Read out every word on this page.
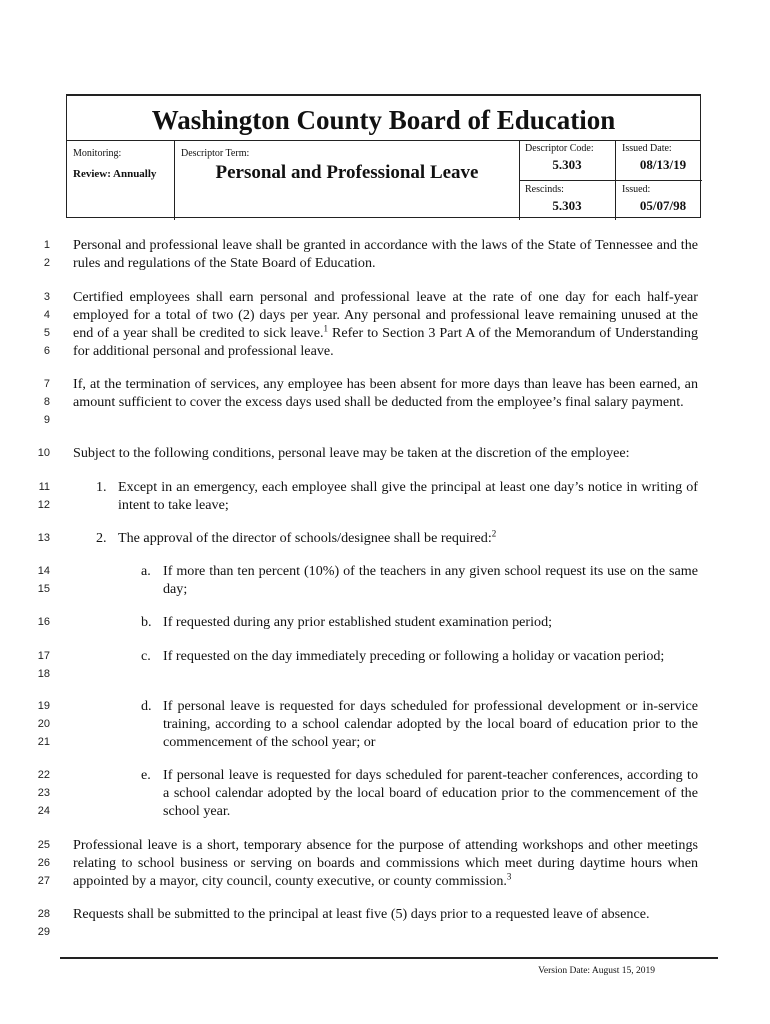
Washington County Board of Education
Monitoring:
Review: Annually
Descriptor Term:
Personal and Professional Leave
Descriptor Code:
5.303
Issued Date:
08/13/19
Rescinds:
5.303
Issued:
05/07/98
1
2
3
4
5
6
7
8
9
10
11
12
13
14
15
16
17
18
19
20
21
22
23
24
25
26
27
28
29

Personal and professional leave shall be granted in accordance with the laws of the State of Tennessee and the rules and regulations of the State Board of Education.

Certified employees shall earn personal and professional leave at the rate of one day for each half-year employed for a total of two (2) days per year. Any personal and professional leave remaining unused at the end of a year shall be credited to sick leave.$^1$ Refer to Section 3 Part A of the Memorandum of Understanding for additional personal and professional leave.

If, at the termination of services, any employee has been absent for more days than leave has been earned, an amount sufficient to cover the excess days used shall be deducted from the employee’s final salary payment.

Subject to the following conditions, personal leave may be taken at the discretion of the employee:

1. Except in an emergency, each employee shall give the principal at least one day’s notice in writing of intent to take leave;

2. The approval of the director of schools/designee shall be required:$^2$

a. If more than ten percent (10%) of the teachers in any given school request its use on the same day;

b. If requested during any prior established student examination period;

c. If requested on the day immediately preceding or following a holiday or vacation period;

d. If personal leave is requested for days scheduled for professional development or in-service training, according to a school calendar adopted by the local board of education prior to the commencement of the school year; or

e. If personal leave is requested for days scheduled for parent-teacher conferences, according to a school calendar adopted by the local board of education prior to the commencement of the school year.

Professional leave is a short, temporary absence for the purpose of attending workshops and other meetings relating to school business or serving on boards and commissions which meet during daytime hours when appointed by a mayor, city council, county executive, or county commission.$^3$

Requests shall be submitted to the principal at least five (5) days prior to a requested leave of absence.

Version Date: August 15, 2019
